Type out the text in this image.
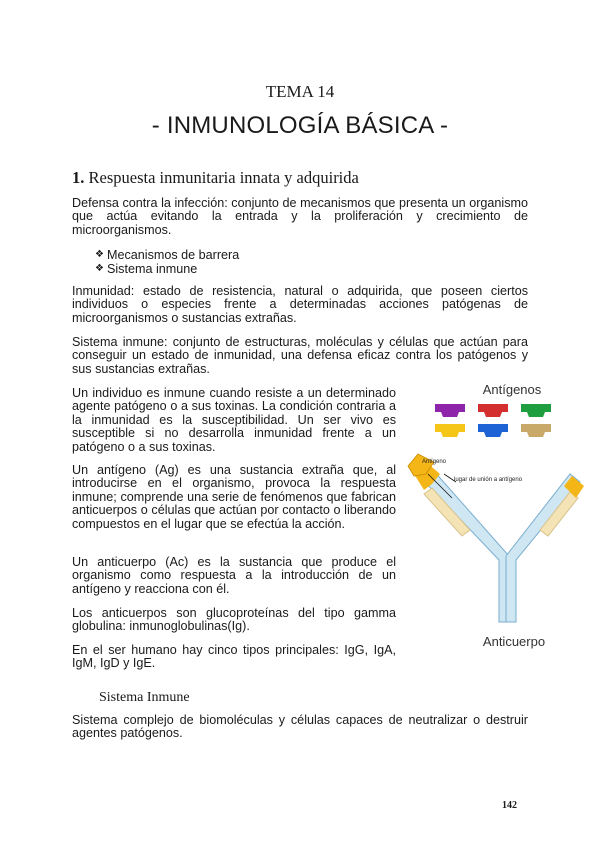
TEMA 14
- INMUNOLOGÍA BÁSICA -
1. Respuesta inmunitaria innata y adquirida

Defensa contra la infección: conjunto de mecanismos que presenta un organismo que actúa evitando la entrada y la proliferación y crecimiento de microorganismos.

❖ Mecanismos de barrera
❖ Sistema inmune

Inmunidad: estado de resistencia, natural o adquirida, que poseen ciertos individuos o especies frente a determinadas acciones patógenas de microorganismos o sustancias extrañas.

Sistema inmune: conjunto de estructuras, moléculas y células que actúan para conseguir un estado de inmunidad, una defensa eficaz contra los patógenos y sus sustancias extrañas.

Un individuo es inmune cuando resiste a un determinado agente patógeno o a sus toxinas. La condición contraria a la inmunidad es la susceptibilidad. Un ser vivo es susceptible si no desarrolla inmunidad frente a un patógeno o a sus toxinas.

Un antígeno (Ag) es una sustancia extraña que, al introducirse en el organismo, provoca la respuesta inmune; comprende una serie de fenómenos que fabrican anticuerpos o células que actúan por contacto o liberando compuestos en el lugar que se efectúa la acción.

Un anticuerpo (Ac) es la sustancia que produce el organismo como respuesta a la introducción de un antígeno y reacciona con él.

Los anticuerpos son glucoproteínas del tipo gamma globulina: inmunoglobulinas(Ig).

En el ser humano hay cinco tipos principales: IgG, IgA, IgM, IgD y IgE.

Sistema Inmune

Sistema complejo de biomoléculas y células capaces de neutralizar o destruir agentes patógenos.

142
Antígenos
Antígeno
lugar de unión a antígeno
Anticuerpo
